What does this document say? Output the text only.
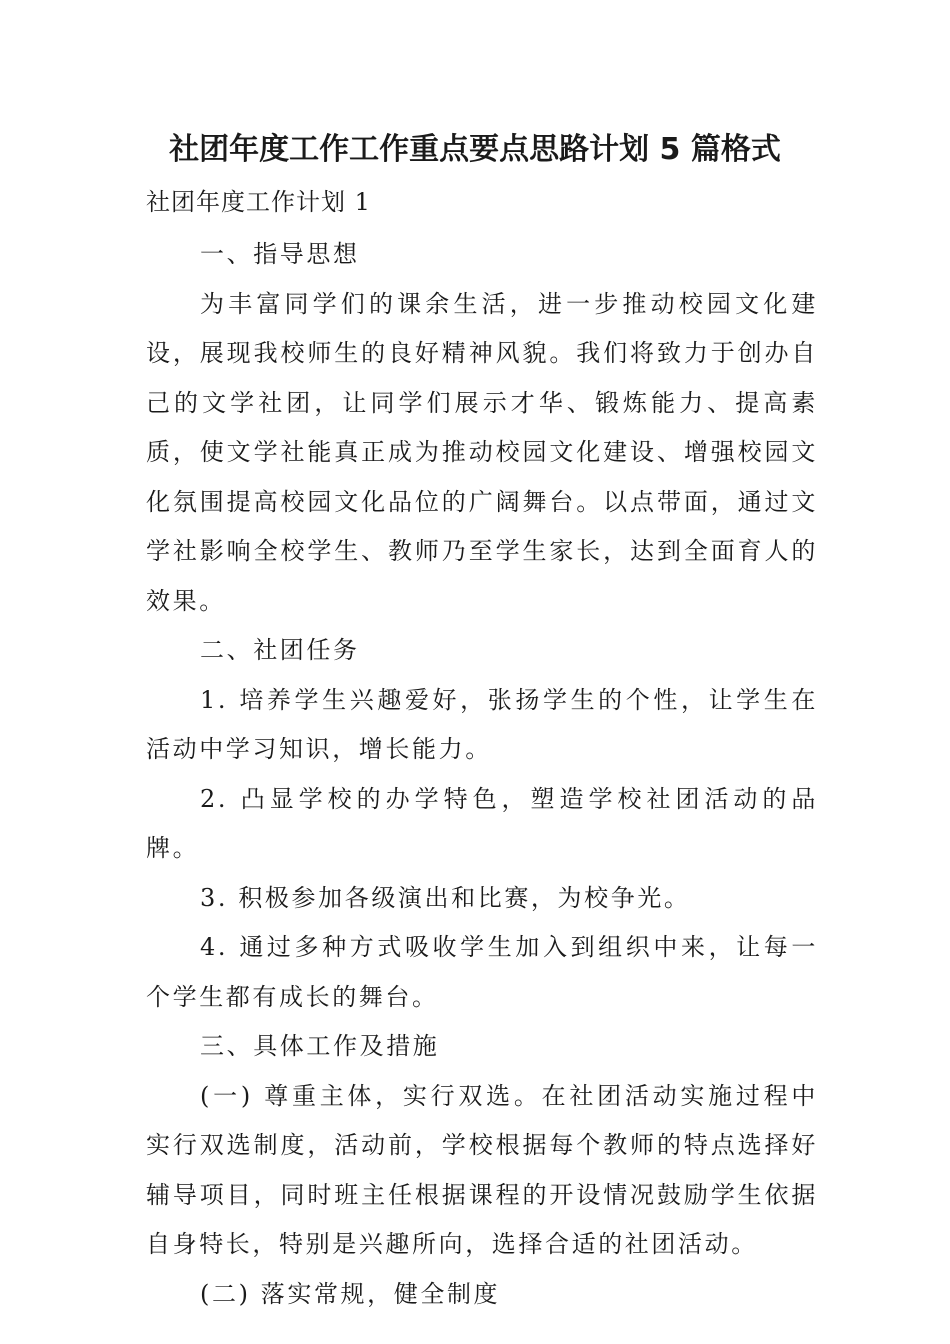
社团年度工作工作重点要点思路计划 5 篇格式
社团年度工作计划 1

一、指导思想

为丰富同学们的课余生活，进一步推动校园文化建设，展现我校师生的良好精神风貌。我们将致力于创办自己的文学社团，让同学们展示才华、锻炼能力、提高素质，使文学社能真正成为推动校园文化建设、增强校园文化氛围提高校园文化品位的广阔舞台。以点带面，通过文学社影响全校学生、教师乃至学生家长，达到全面育人的效果。

二、社团任务

1. 培养学生兴趣爱好，张扬学生的个性，让学生在活动中学习知识，增长能力。

2. 凸显学校的办学特色，塑造学校社团活动的品牌。

3. 积极参加各级演出和比赛，为校争光。

4. 通过多种方式吸收学生加入到组织中来，让每一个学生都有成长的舞台。

三、具体工作及措施

(一) 尊重主体，实行双选。在社团活动实施过程中实行双选制度，活动前，学校根据每个教师的特点选择好辅导项目，同时班主任根据课程的开设情况鼓励学生依据自身特长，特别是兴趣所向，选择合适的社团活动。

(二) 落实常规，健全制度
